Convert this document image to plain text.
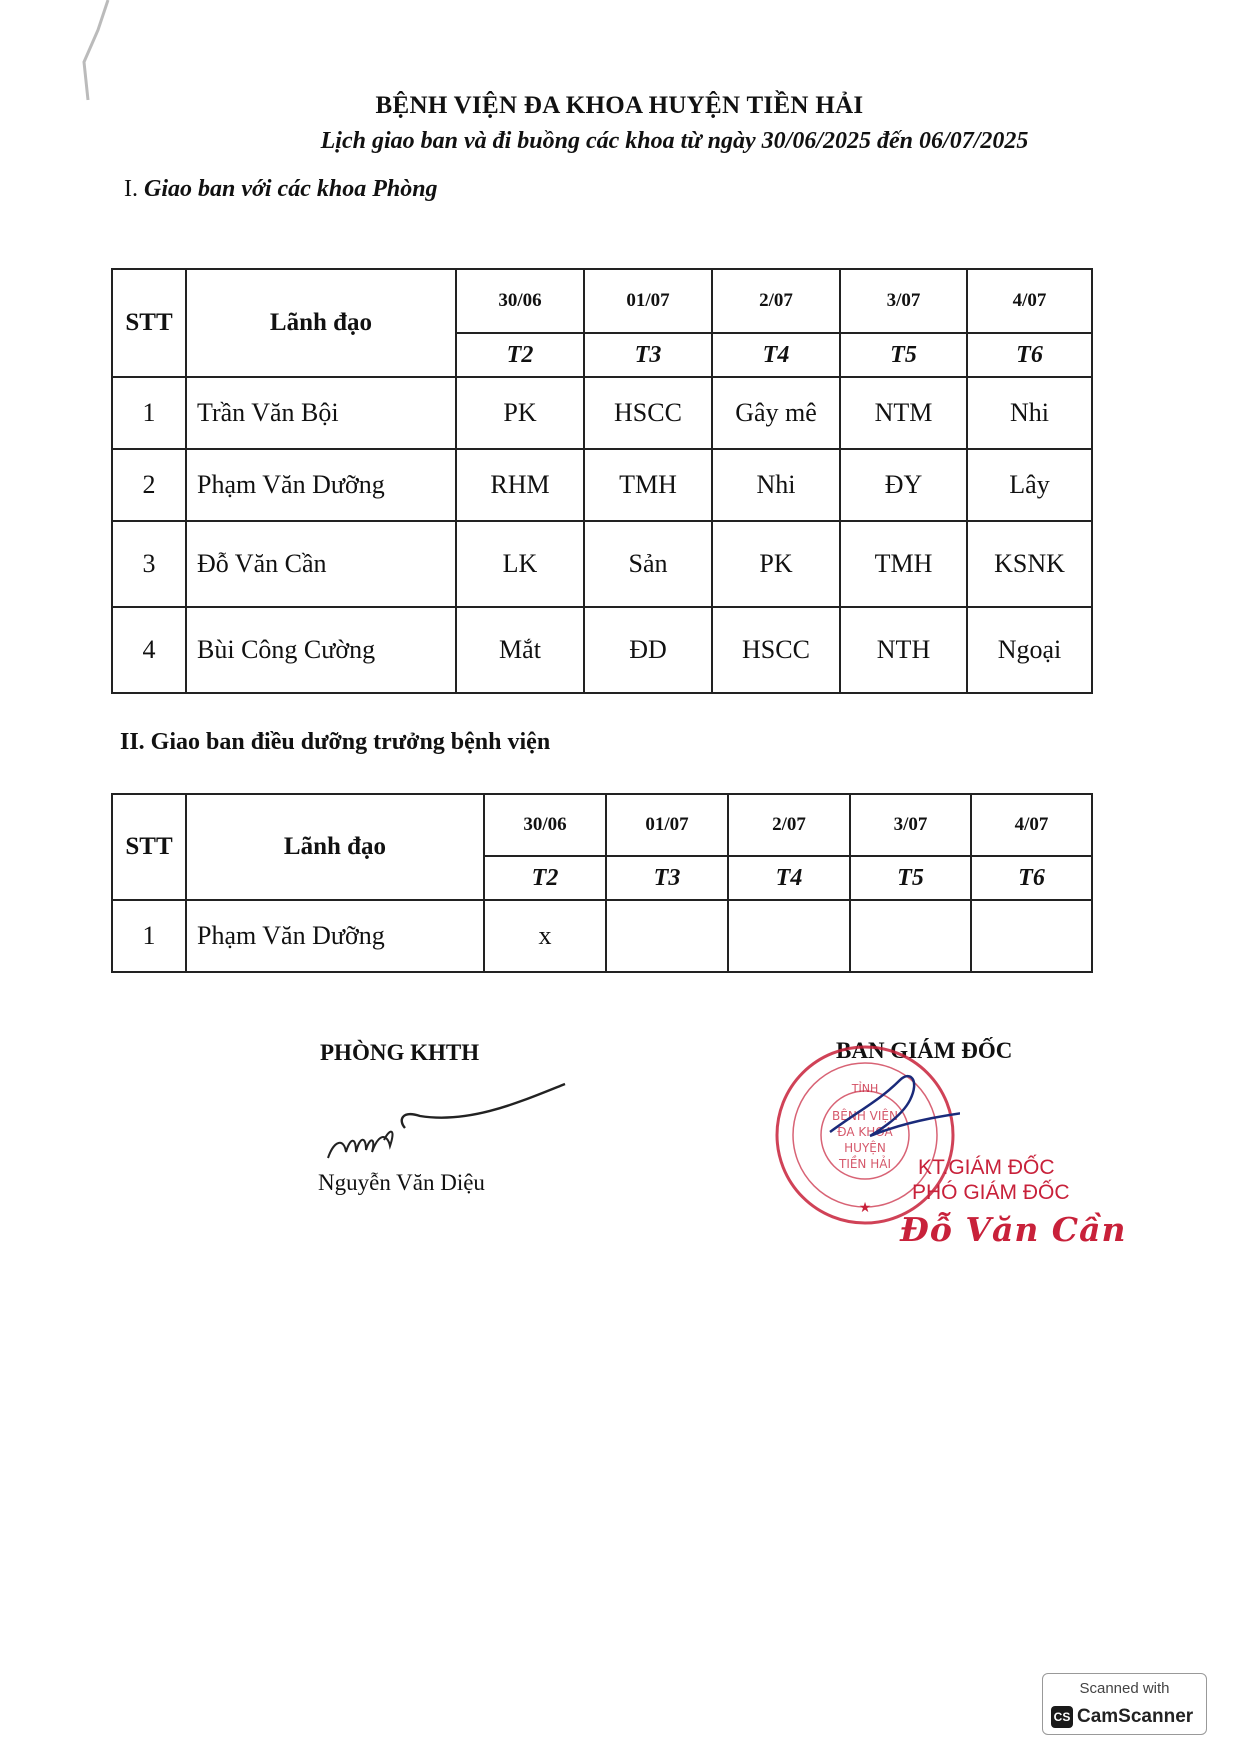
BỆNH VIỆN ĐA KHOA HUYỆN TIỀN HẢI
Lịch giao ban và đi buồng các khoa từ ngày 30/06/2025 đến 06/07/2025
I. Giao ban với các khoa Phòng
STT	Lãnh đạo	30/06	01/07	2/07	3/07	4/07
		T2	T3	T4	T5	T6
1	Trần Văn Bội	PK	HSCC	Gây mê	NTM	Nhi
2	Phạm Văn Dưỡng	RHM	TMH	Nhi	ĐY	Lây
3	Đỗ Văn Cần	LK	Sản	PK	TMH	KSNK
4	Bùi Công Cường	Mắt	ĐD	HSCC	NTH	Ngoại
II. Giao ban điều dưỡng trưởng bệnh viện
STT	Lãnh đạo	30/06	01/07	2/07	3/07	4/07
		T2	T3	T4	T5	T6
1	Phạm Văn Dưỡng	x				
PHÒNG KHTH
Nguyễn Văn Diệu
BAN GIÁM ĐỐC
TỈNH
BỆNH VIỆN
ĐA KHOA
HUYỆN
TIỀN HẢI
★
KT.GIÁM ĐỐC
PHÓ GIÁM ĐỐC
Đỗ Văn Cần
Scanned with
CS CamScanner
